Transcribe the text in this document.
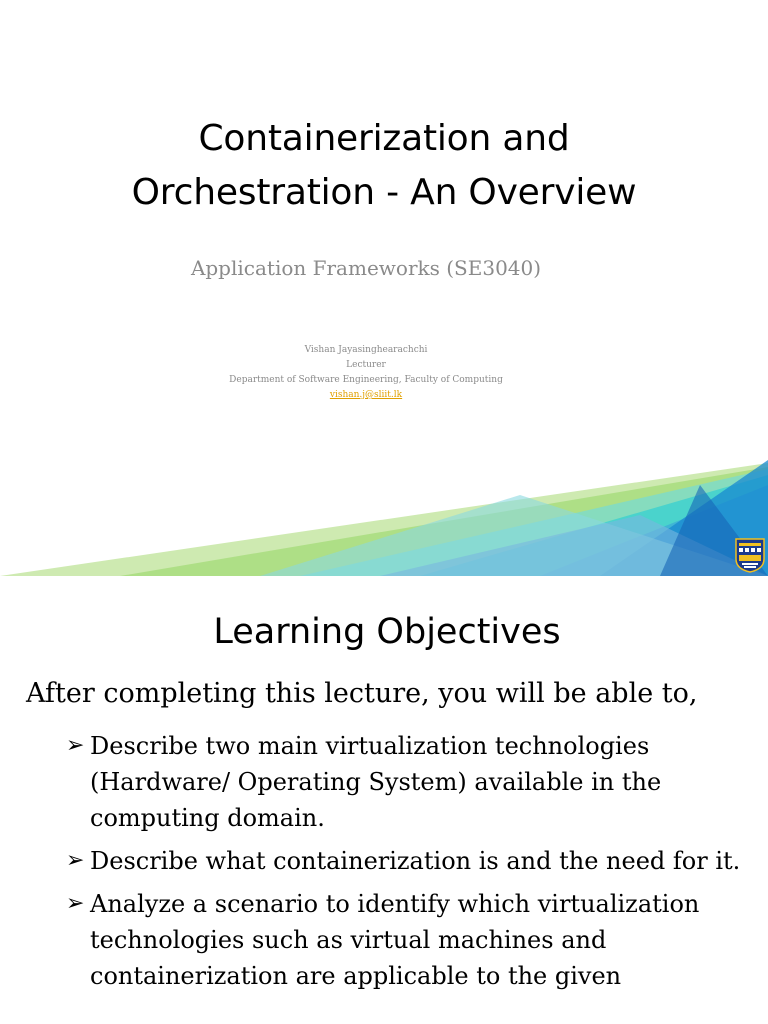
Containerization and
Orchestration - An Overview
Application Frameworks (SE3040)
Vishan Jayasinghearachchi
Lecturer
Department of Software Engineering, Faculty of Computing
vishan.j@sliit.lk
Learning Objectives
After completing this lecture, you will be able to,
➢ Describe two main virtualization technologies (Hardware/ Operating System) available in the computing domain.
➢ Describe what containerization is and the need for it.
➢ Analyze a scenario to identify which virtualization technologies such as virtual machines and containerization are applicable to the given
